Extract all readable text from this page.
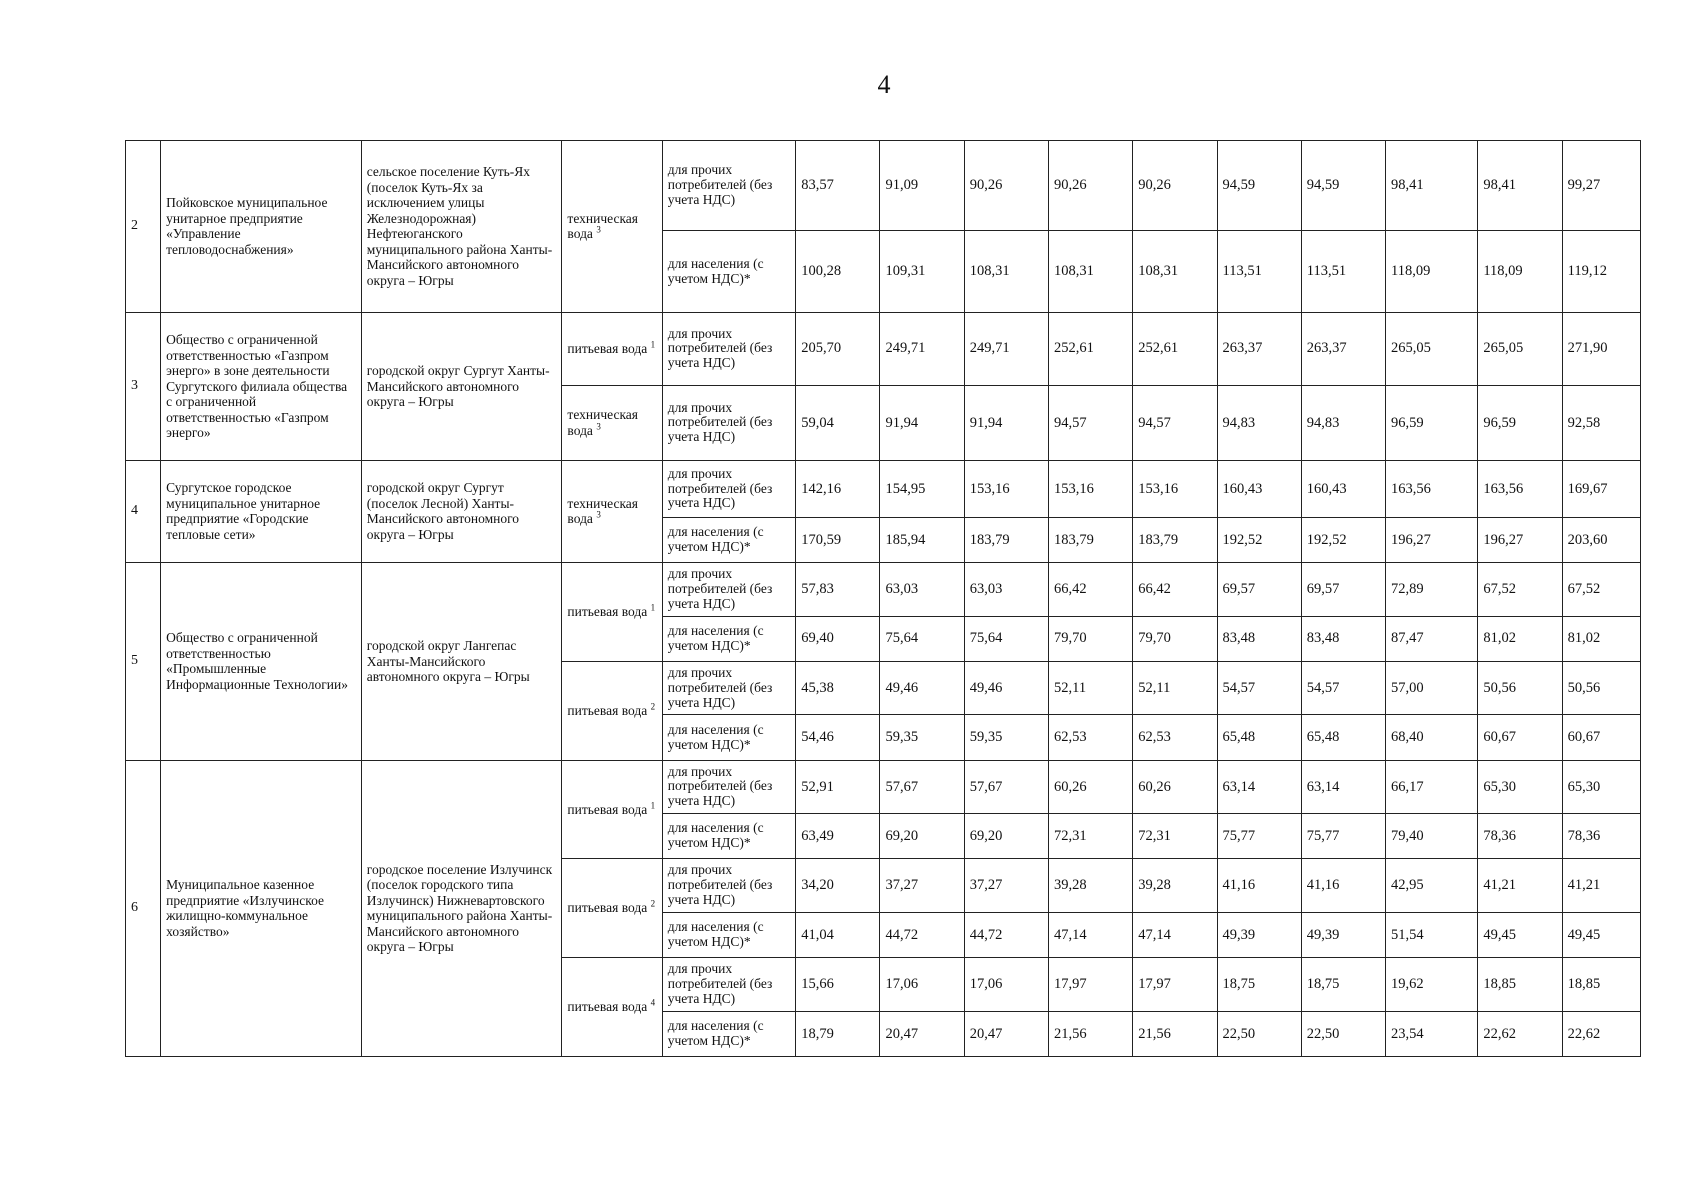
4
2	Пойковское муниципальное унитарное предприятие «Управление тепловодоснабжения»	сельское поселение Куть-Ях (поселок Куть-Ях за исключением улицы Железнодорожная) Нефтеюганского муниципального района Ханты-Мансийского автономного округа – Югры	техническая вода $^3$	для прочих потребителей (без учета НДС)	83,57	91,09	90,26	90,26	90,26	94,59	94,59	98,41	98,41	99,27
				для населения (с учетом НДС)*	100,28	109,31	108,31	108,31	108,31	113,51	113,51	118,09	118,09	119,12
3	Общество с ограниченной ответственностью «Газпром энерго» в зоне деятельности Сургутского филиала общества с ограниченной ответственностью «Газпром энерго»	городской округ Сургут Ханты-Мансийского автономного округа – Югры	питьевая вода $^1$	для прочих потребителей (без учета НДС)	205,70	249,71	249,71	252,61	252,61	263,37	263,37	265,05	265,05	271,90
			техническая вода $^3$	для прочих потребителей (без учета НДС)	59,04	91,94	91,94	94,57	94,57	94,83	94,83	96,59	96,59	92,58
4	Сургутское городское муниципальное унитарное предприятие «Городские тепловые сети»	городской округ Сургут (поселок Лесной) Ханты-Мансийского автономного округа – Югры	техническая вода $^3$	для прочих потребителей (без учета НДС)	142,16	154,95	153,16	153,16	153,16	160,43	160,43	163,56	163,56	169,67
				для населения (с учетом НДС)*	170,59	185,94	183,79	183,79	183,79	192,52	192,52	196,27	196,27	203,60
5	Общество с ограниченной ответственностью «Промышленные Информационные Технологии»	городской округ Лангепас Ханты-Мансийского автономного округа – Югры	питьевая вода $^1$	для прочих потребителей (без учета НДС)	57,83	63,03	63,03	66,42	66,42	69,57	69,57	72,89	67,52	67,52
				для населения (с учетом НДС)*	69,40	75,64	75,64	79,70	79,70	83,48	83,48	87,47	81,02	81,02
			питьевая вода $^2$	для прочих потребителей (без учета НДС)	45,38	49,46	49,46	52,11	52,11	54,57	54,57	57,00	50,56	50,56
				для населения (с учетом НДС)*	54,46	59,35	59,35	62,53	62,53	65,48	65,48	68,40	60,67	60,67
6	Муниципальное казенное предприятие «Излучинское жилищно-коммунальное хозяйство»	городское поселение Излучинск (поселок городского типа Излучинск) Нижневартовского муниципального района Ханты-Мансийского автономного округа – Югры	питьевая вода $^1$	для прочих потребителей (без учета НДС)	52,91	57,67	57,67	60,26	60,26	63,14	63,14	66,17	65,30	65,30
				для населения (с учетом НДС)*	63,49	69,20	69,20	72,31	72,31	75,77	75,77	79,40	78,36	78,36
			питьевая вода $^2$	для прочих потребителей (без учета НДС)	34,20	37,27	37,27	39,28	39,28	41,16	41,16	42,95	41,21	41,21
				для населения (с учетом НДС)*	41,04	44,72	44,72	47,14	47,14	49,39	49,39	51,54	49,45	49,45
			питьевая вода $^4$	для прочих потребителей (без учета НДС)	15,66	17,06	17,06	17,97	17,97	18,75	18,75	19,62	18,85	18,85
				для населения (с учетом НДС)*	18,79	20,47	20,47	21,56	21,56	22,50	22,50	23,54	22,62	22,62
